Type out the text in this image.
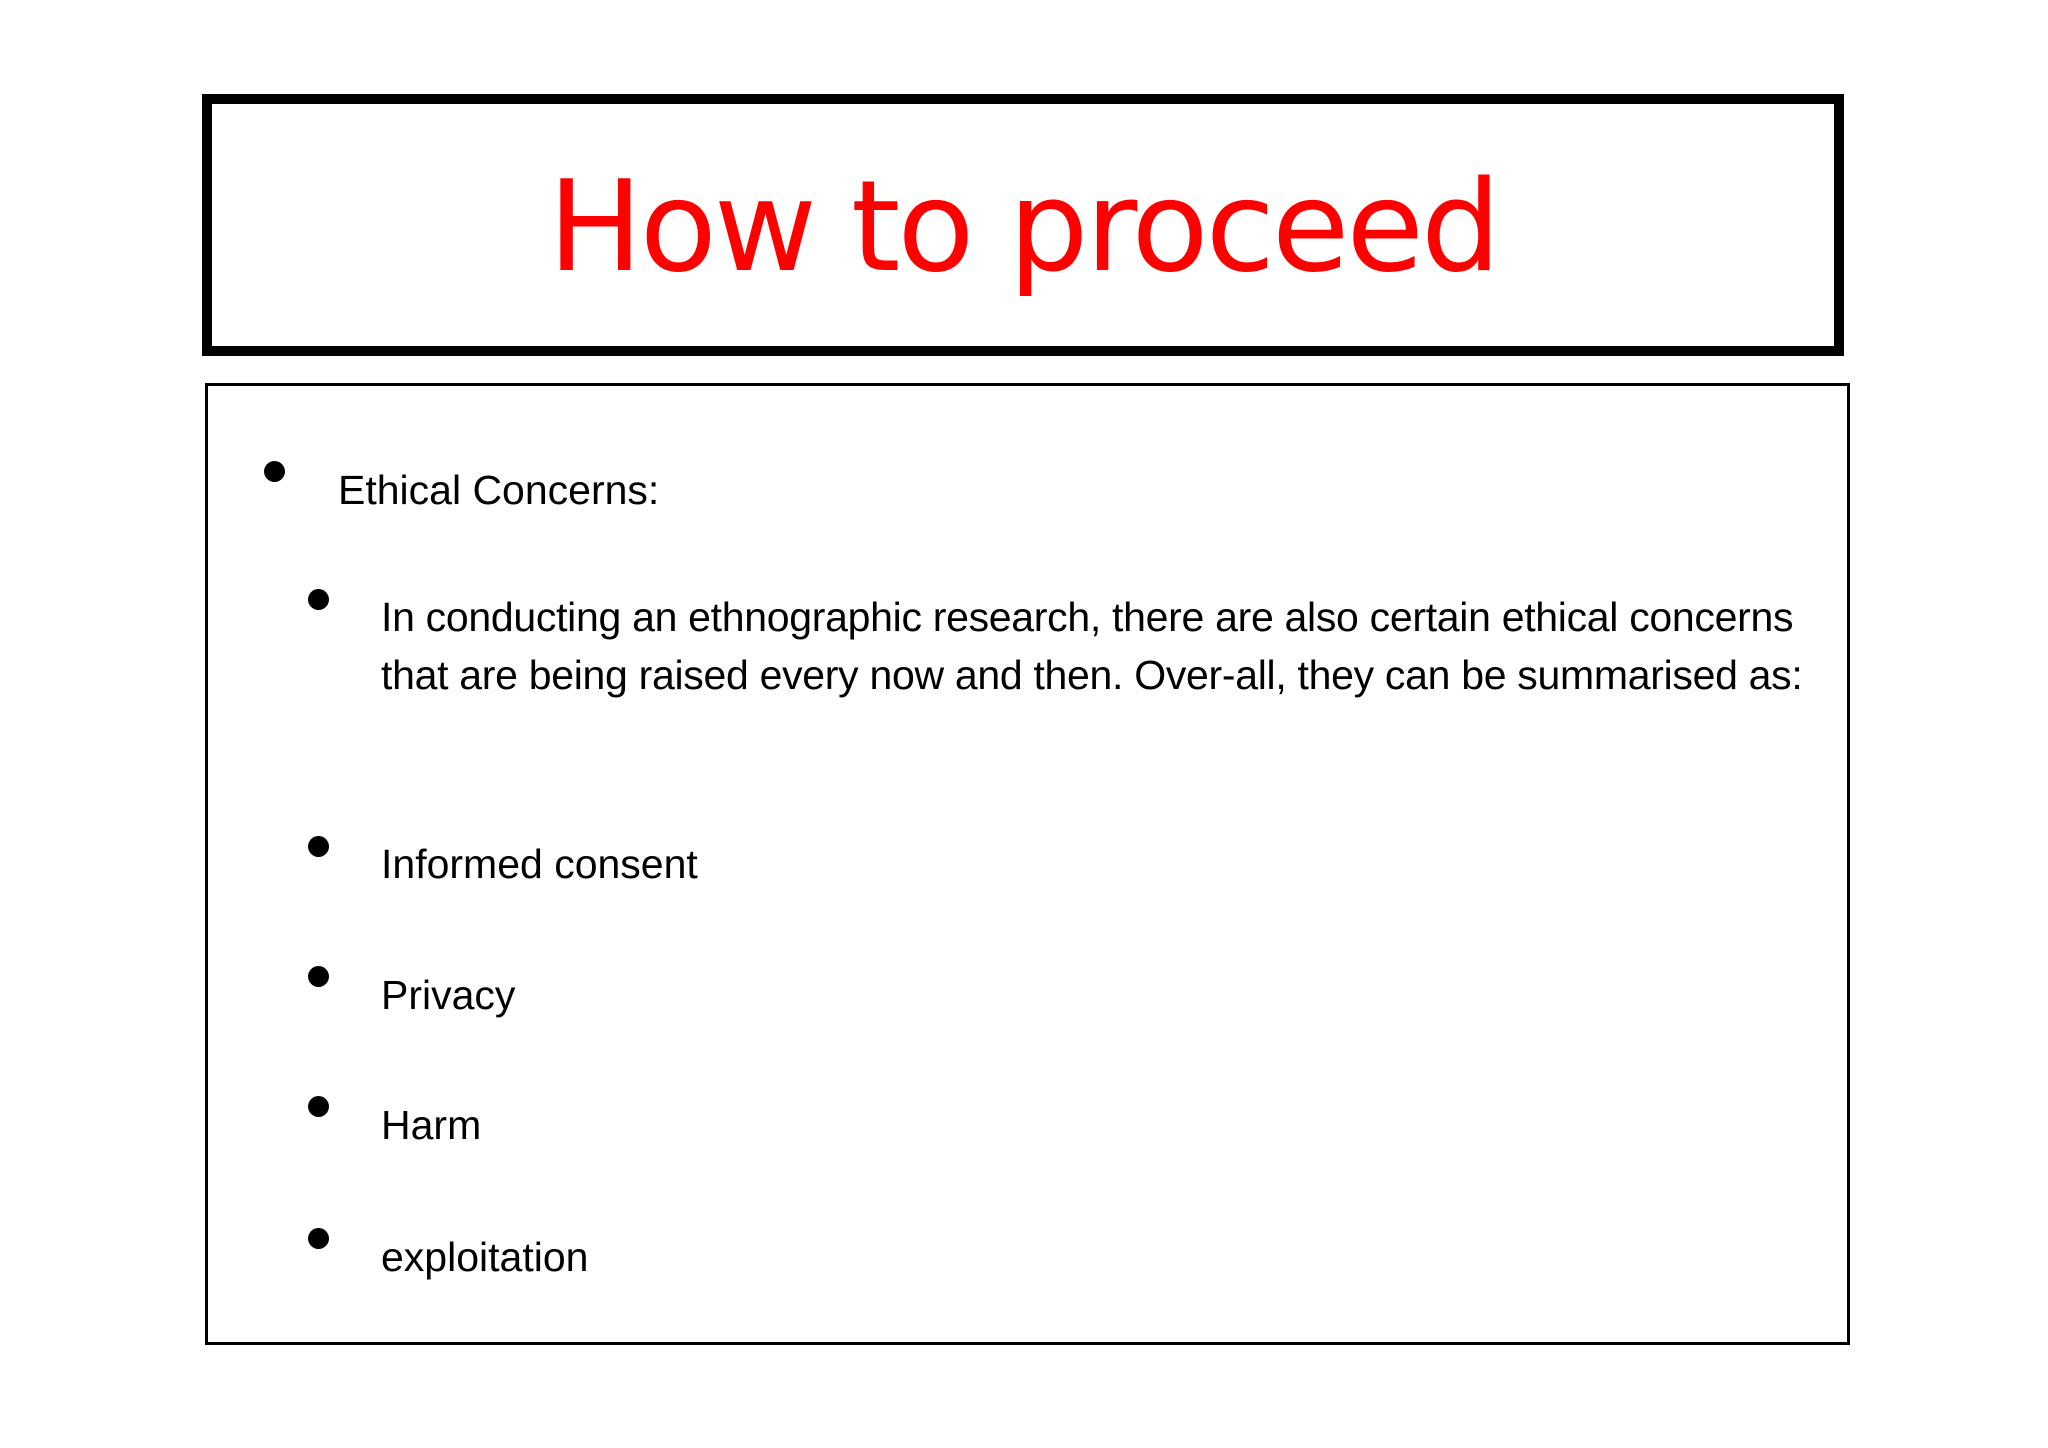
How to proceed
Ethical Concerns:
In conducting an ethnographic research, there are also certain ethical concerns that are being raised every now and then. Over-all, they can be summarised as:
Informed consent
Privacy
Harm
exploitation
